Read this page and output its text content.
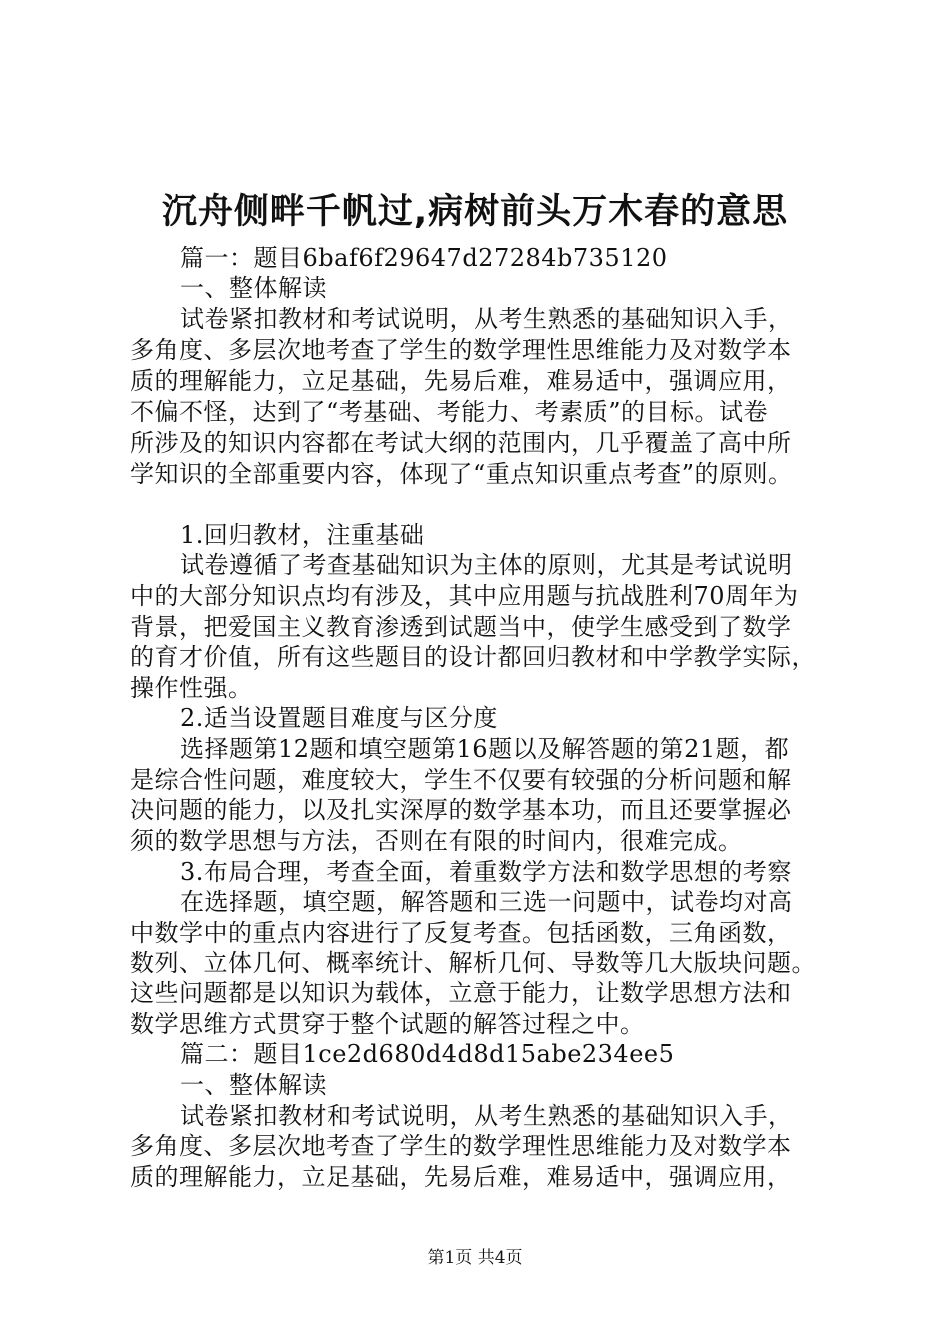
沉舟侧畔千帆过,病树前头万木春的意思
篇一：题目6baf6f29647d27284b735120
一、整体解读
试卷紧扣教材和考试说明，从考生熟悉的基础知识入手，
多角度、多层次地考查了学生的数学理性思维能力及对数学本
质的理解能力，立足基础，先易后难，难易适中，强调应用，
不偏不怪，达到了“考基础、考能力、考素质”的目标。试卷
所涉及的知识内容都在考试大纲的范围内，几乎覆盖了高中所
学知识的全部重要内容，体现了“重点知识重点考查”的原则。
1.回归教材，注重基础
试卷遵循了考查基础知识为主体的原则，尤其是考试说明
中的大部分知识点均有涉及，其中应用题与抗战胜利70周年为
背景，把爱国主义教育渗透到试题当中，使学生感受到了数学
的育才价值，所有这些题目的设计都回归教材和中学教学实际，
操作性强。
2.适当设置题目难度与区分度
选择题第12题和填空题第16题以及解答题的第21题，都
是综合性问题，难度较大，学生不仅要有较强的分析问题和解
决问题的能力，以及扎实深厚的数学基本功，而且还要掌握必
须的数学思想与方法，否则在有限的时间内，很难完成。
3.布局合理，考查全面，着重数学方法和数学思想的考察
在选择题，填空题，解答题和三选一问题中，试卷均对高
中数学中的重点内容进行了反复考查。包括函数，三角函数，
数列、立体几何、概率统计、解析几何、导数等几大版块问题。
这些问题都是以知识为载体，立意于能力，让数学思想方法和
数学思维方式贯穿于整个试题的解答过程之中。
篇二：题目1ce2d680d4d8d15abe234ee5
一、整体解读
试卷紧扣教材和考试说明，从考生熟悉的基础知识入手，
多角度、多层次地考查了学生的数学理性思维能力及对数学本
质的理解能力，立足基础，先易后难，难易适中，强调应用，
第1页 共4页
